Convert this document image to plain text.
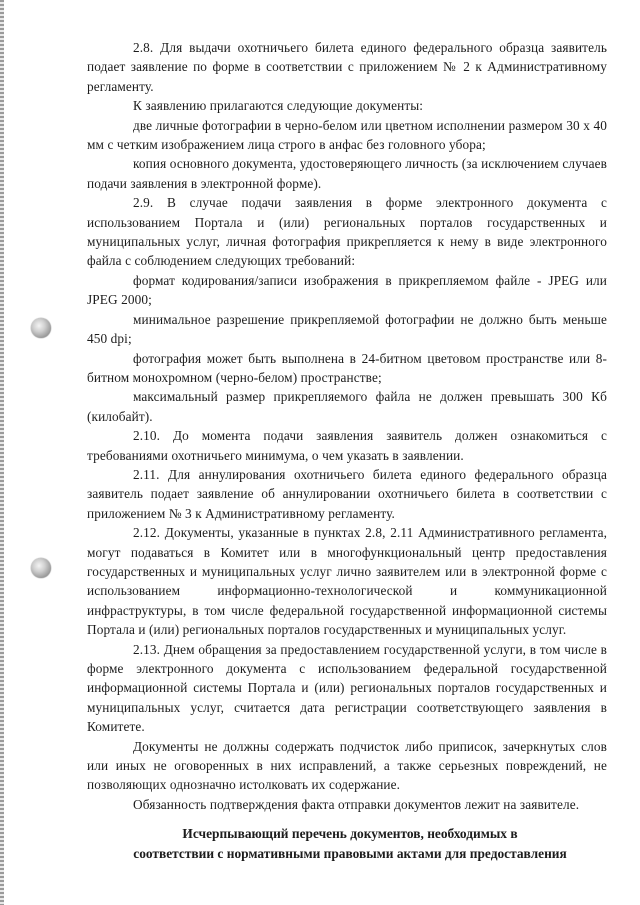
2.8. Для выдачи охотничьего билета единого федерального образца заявитель подает заявление по форме в соответствии с приложением № 2 к Административному регламенту.

К заявлению прилагаются следующие документы:

две личные фотографии в черно-белом или цветном исполнении размером 30 х 40 мм с четким изображением лица строго в анфас без головного убора;

копия основного документа, удостоверяющего личность (за исключением случаев подачи заявления в электронной форме).

2.9. В случае подачи заявления в форме электронного документа с использованием Портала и (или) региональных порталов государственных и муниципальных услуг, личная фотография прикрепляется к нему в виде электронного файла с соблюдением следующих требований:

формат кодирования/записи изображения в прикрепляемом файле - JPEG или JPEG 2000;

минимальное разрешение прикрепляемой фотографии не должно быть меньше 450 dpi;

фотография может быть выполнена в 24-битном цветовом пространстве или 8-битном монохромном (черно-белом) пространстве;

максимальный размер прикрепляемого файла не должен превышать 300 Кб (килобайт).

2.10. До момента подачи заявления заявитель должен ознакомиться с требованиями охотничьего минимума, о чем указать в заявлении.

2.11. Для аннулирования охотничьего билета единого федерального образца заявитель подает заявление об аннулировании охотничьего билета в соответствии с приложением № 3 к Административному регламенту.

2.12. Документы, указанные в пунктах 2.8, 2.11 Административного регламента, могут подаваться в Комитет или в многофункциональный центр предоставления государственных и муниципальных услуг лично заявителем или в электронной форме с использованием информационно-технологической и коммуникационной инфраструктуры, в том числе федеральной государственной информационной системы Портала и (или) региональных порталов государственных и муниципальных услуг.

2.13. Днем обращения за предоставлением государственной услуги, в том числе в форме электронного документа с использованием федеральной государственной информационной системы Портала и (или) региональных порталов государственных и муниципальных услуг, считается дата регистрации соответствующего заявления в Комитете.

Документы не должны содержать подчисток либо приписок, зачеркнутых слов или иных не оговоренных в них исправлений, а также серьезных повреждений, не позволяющих однозначно истолковать их содержание.

Обязанность подтверждения факта отправки документов лежит на заявителе.

Исчерпывающий перечень документов, необходимых в
соответствии с нормативными правовыми актами для предоставления
